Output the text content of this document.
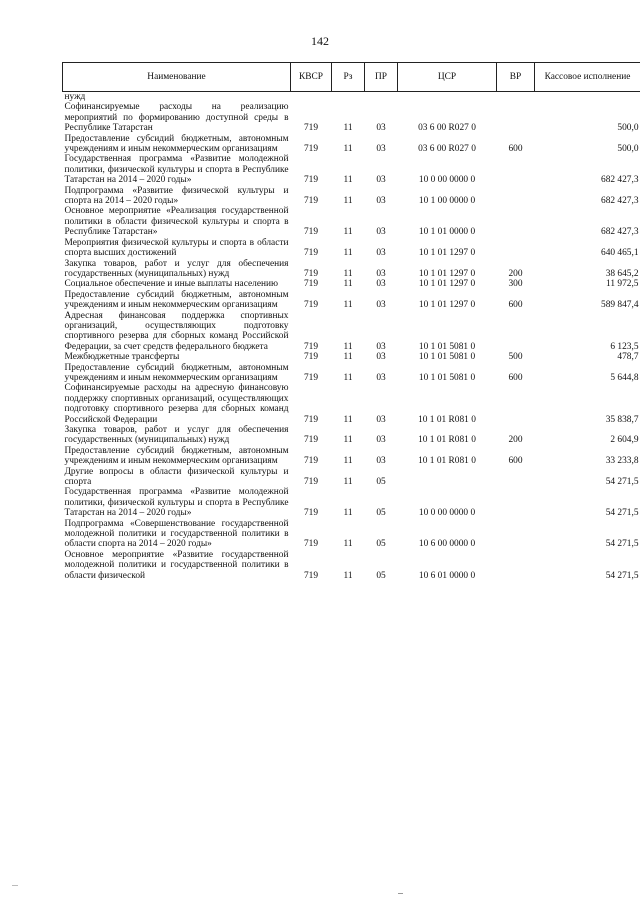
142
Наименование	КВСР	Рз	ПР	ЦСР	ВР	Кассовое исполнение
нужд						
Софинансируемые расходы на реализацию мероприятий по формированию доступной среды в Республике Татарстан	719	11	03	03 6 00 R027 0		500,0
Предоставление субсидий бюджетным, автономным учреждениям и иным некоммерческим организациям	719	11	03	03 6 00 R027 0	600	500,0
Государственная программа «Развитие молодежной политики, физической культуры и спорта в Республике Татарстан на 2014 – 2020 годы»	719	11	03	10 0 00 0000 0		682 427,3
Подпрограмма «Развитие физической культуры и спорта на 2014 – 2020 годы»	719	11	03	10 1 00 0000 0		682 427,3
Основное мероприятие «Реализация государственной политики в области физической культуры и спорта в Республике Татарстан»	719	11	03	10 1 01 0000 0		682 427,3
Мероприятия физической культуры и спорта в области спорта высших достижений	719	11	03	10 1 01 1297 0		640 465,1
Закупка товаров, работ и услуг для обеспечения государственных (муниципальных) нужд	719	11	03	10 1 01 1297 0	200	38 645,2
Социальное обеспечение и иные выплаты населению	719	11	03	10 1 01 1297 0	300	11 972,5
Предоставление субсидий бюджетным, автономным учреждениям и иным некоммерческим организациям	719	11	03	10 1 01 1297 0	600	589 847,4
Адресная финансовая поддержка спортивных организаций, осуществляющих подготовку спортивного резерва для сборных команд Российской Федерации, за счет средств федерального бюджета	719	11	03	10 1 01 5081 0		6 123,5
Межбюджетные трансферты	719	11	03	10 1 01 5081 0	500	478,7
Предоставление субсидий бюджетным, автономным учреждениям и иным некоммерческим организациям	719	11	03	10 1 01 5081 0	600	5 644,8
Софинансируемые расходы на адресную финансовую поддержку спортивных организаций, осуществляющих подготовку спортивного резерва для сборных команд Российской Федерации	719	11	03	10 1 01 R081 0		35 838,7
Закупка товаров, работ и услуг для обеспечения государственных (муниципальных) нужд	719	11	03	10 1 01 R081 0	200	2 604,9
Предоставление субсидий бюджетным, автономным учреждениям и иным некоммерческим организациям	719	11	03	10 1 01 R081 0	600	33 233,8
Другие вопросы в области физической культуры и спорта	719	11	05			54 271,5
Государственная программа «Развитие молодежной политики, физической культуры и спорта в Республике Татарстан на 2014 – 2020 годы»	719	11	05	10 0 00 0000 0		54 271,5
Подпрограмма «Совершенствование государственной молодежной политики и государственной политики в области спорта на 2014 – 2020 годы»	719	11	05	10 6 00 0000 0		54 271,5
Основное мероприятие «Развитие государственной молодежной политики и государственной политики в области физической	719	11	05	10 6 01 0000 0		54 271,5
